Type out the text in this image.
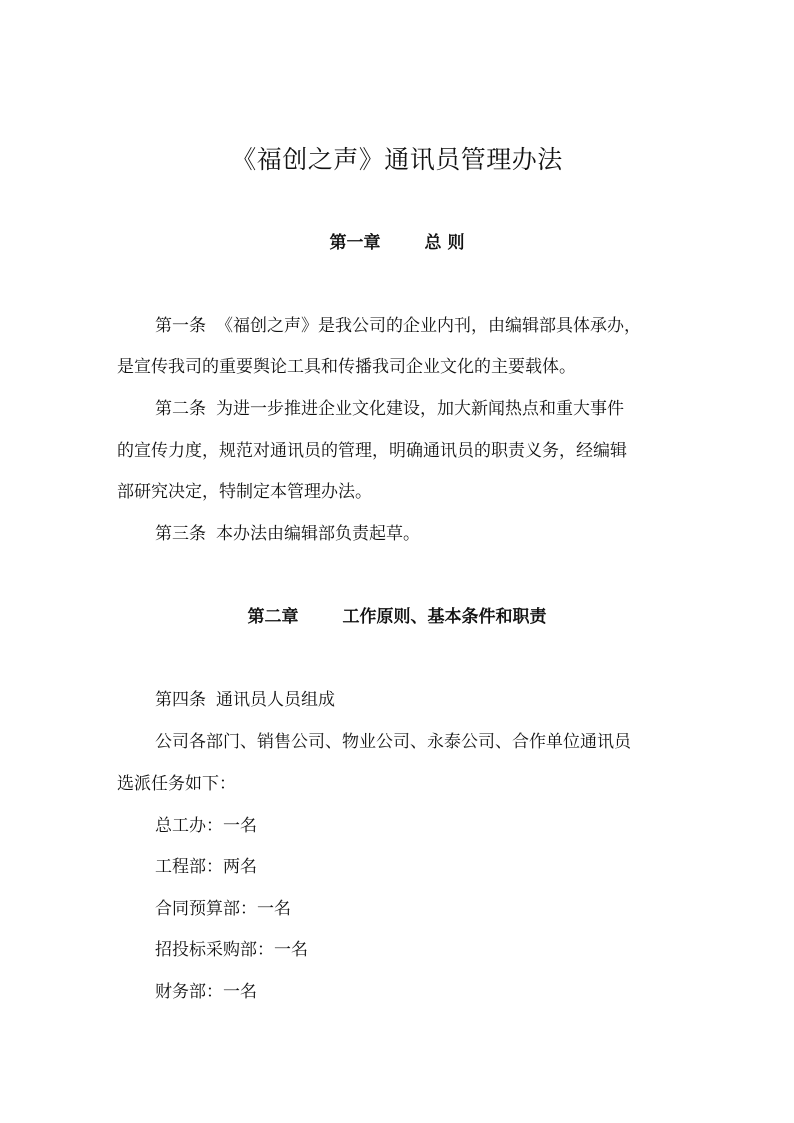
《福创之声》通讯员管理办法
第一章	总 则
第一条 《福创之声》是我公司的企业内刊，由编辑部具体承办，
是宣传我司的重要舆论工具和传播我司企业文化的主要载体。
第二条 为进一步推进企业文化建设，加大新闻热点和重大事件
的宣传力度，规范对通讯员的管理，明确通讯员的职责义务，经编辑
部研究决定，特制定本管理办法。
第三条 本办法由编辑部负责起草。
第二章	工作原则、基本条件和职责
第四条 通讯员人员组成
公司各部门、销售公司、物业公司、永泰公司、合作单位通讯员
选派任务如下：
总工办：一名
工程部：两名
合同预算部：一名
招投标采购部：一名
财务部：一名
